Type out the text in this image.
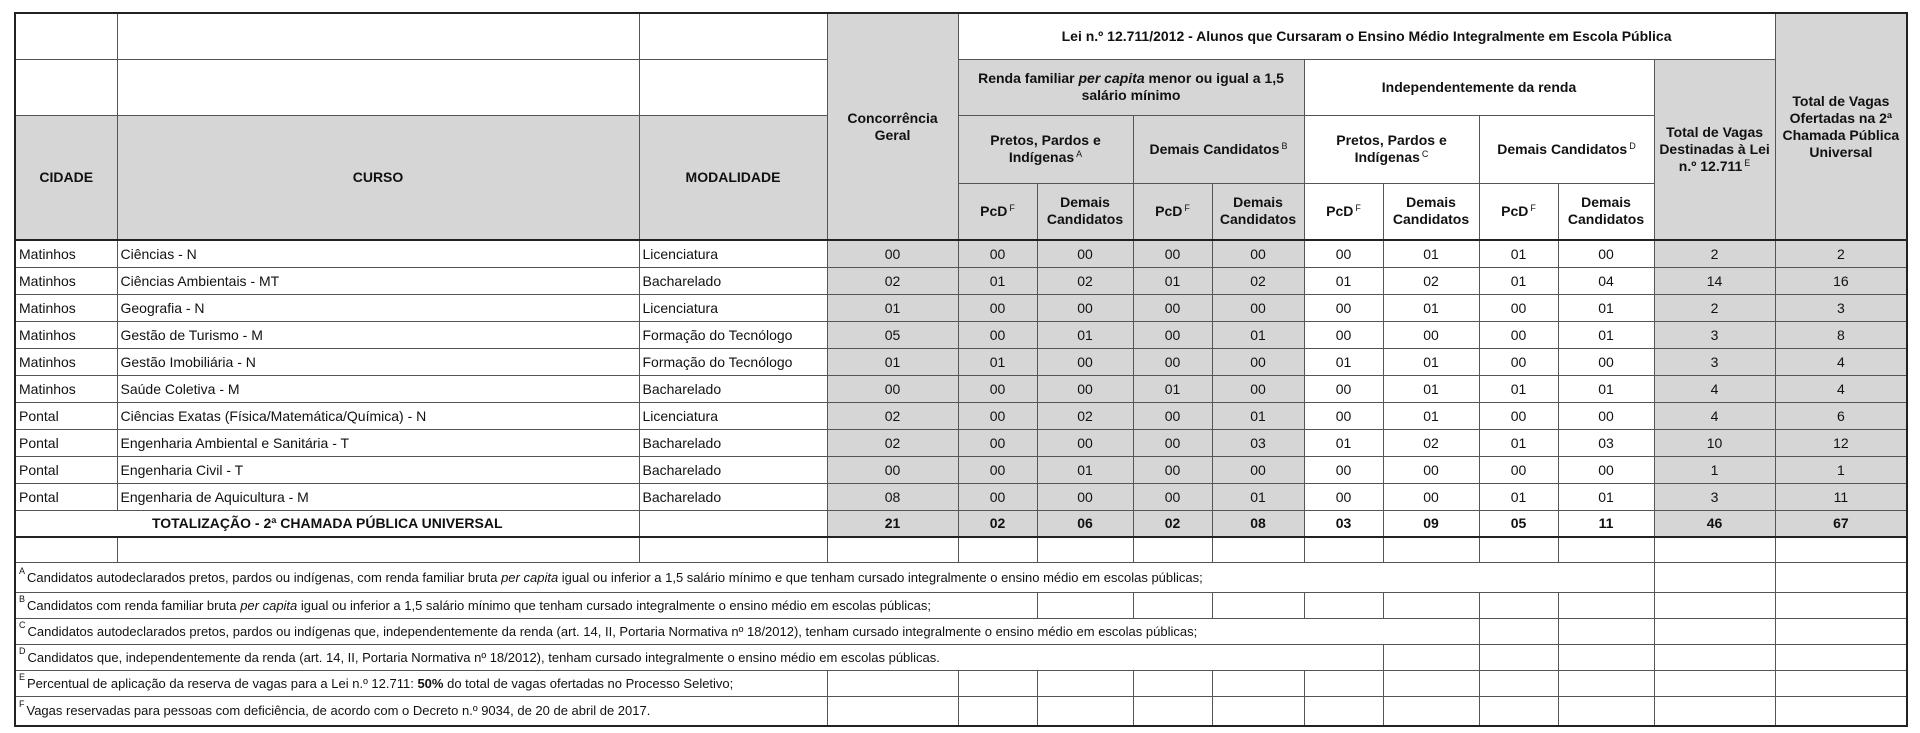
			Concorrência Geral	Lei n.º 12.711/2012 - Alunos que Cursaram o Ensino Médio Integralmente em Escola Pública									Total de Vagas Ofertadas na 2ª Chamada Pública Universal
				Renda familiar per capita menor ou igual a 1,5 salário mínimo				Independentemente da renda				Total de Vagas Destinadas à Lei n.º 12.711 $^E$
CIDADE	CURSO	MODALIDADE		Pretos, Pardos e Indígenas $^A$		Demais Candidatos $^B$		Pretos, Pardos e Indígenas $^C$		Demais Candidatos $^D$
				PcD $^F$	Demais Candidatos	PcD $^F$	Demais Candidatos	PcD $^F$	Demais Candidatos	PcD $^F$	Demais Candidatos		
Matinhos	Ciências - N	Licenciatura	00	00	00	00	00	00	01	01	00	2	2
Matinhos	Ciências Ambientais - MT	Bacharelado	02	01	02	01	02	01	02	01	04	14	16
Matinhos	Geografia - N	Licenciatura	01	00	00	00	00	00	01	00	01	2	3
Matinhos	Gestão de Turismo - M	Formação do Tecnólogo	05	00	01	00	01	00	00	00	01	3	8
Matinhos	Gestão Imobiliária - N	Formação do Tecnólogo	01	01	00	00	00	01	01	00	00	3	4
Matinhos	Saúde Coletiva - M	Bacharelado	00	00	00	01	00	00	01	01	01	4	4
Pontal	Ciências Exatas (Física/Matemática/Química) - N	Licenciatura	02	00	02	00	01	00	01	00	00	4	6
Pontal	Engenharia Ambiental e Sanitária - T	Bacharelado	02	00	00	00	03	01	02	01	03	10	12
Pontal	Engenharia Civil - T	Bacharelado	00	00	01	00	00	00	00	00	00	1	1
Pontal	Engenharia de Aquicultura - M	Bacharelado	08	00	00	00	01	00	00	01	01	3	11
TOTALIZAÇÃO - 2ª CHAMADA PÚBLICA UNIVERSAL			21	02	06	02	08	03	09	05	11	46	67

$^A$ Candidatos autodeclarados pretos, pardos ou indígenas, com renda familiar bruta per capita igual ou inferior a 1,5 salário mínimo e que tenham cursado integralmente o ensino médio em escolas públicas;													
$^B$ Candidatos com renda familiar bruta per capita igual ou inferior a 1,5 salário mínimo que tenham cursado integralmente o ensino médio em escolas públicas;													
$^C$ Candidatos autodeclarados pretos, pardos ou indígenas que, independentemente da renda (art. 14, II, Portaria Normativa nº 18/2012), tenham cursado integralmente o ensino médio em escolas públicas;													
$^D$ Candidatos que, independentemente da renda (art. 14, II, Portaria Normativa nº 18/2012), tenham cursado integralmente o ensino médio em escolas públicas.													
$^E$ Percentual de aplicação da reserva de vagas para a Lei n.º 12.711: 50% do total de vagas ofertadas no Processo Seletivo;													
$^F$ Vagas reservadas para pessoas com deficiência, de acordo com o Decreto n.º 9034, de 20 de abril de 2017.													
